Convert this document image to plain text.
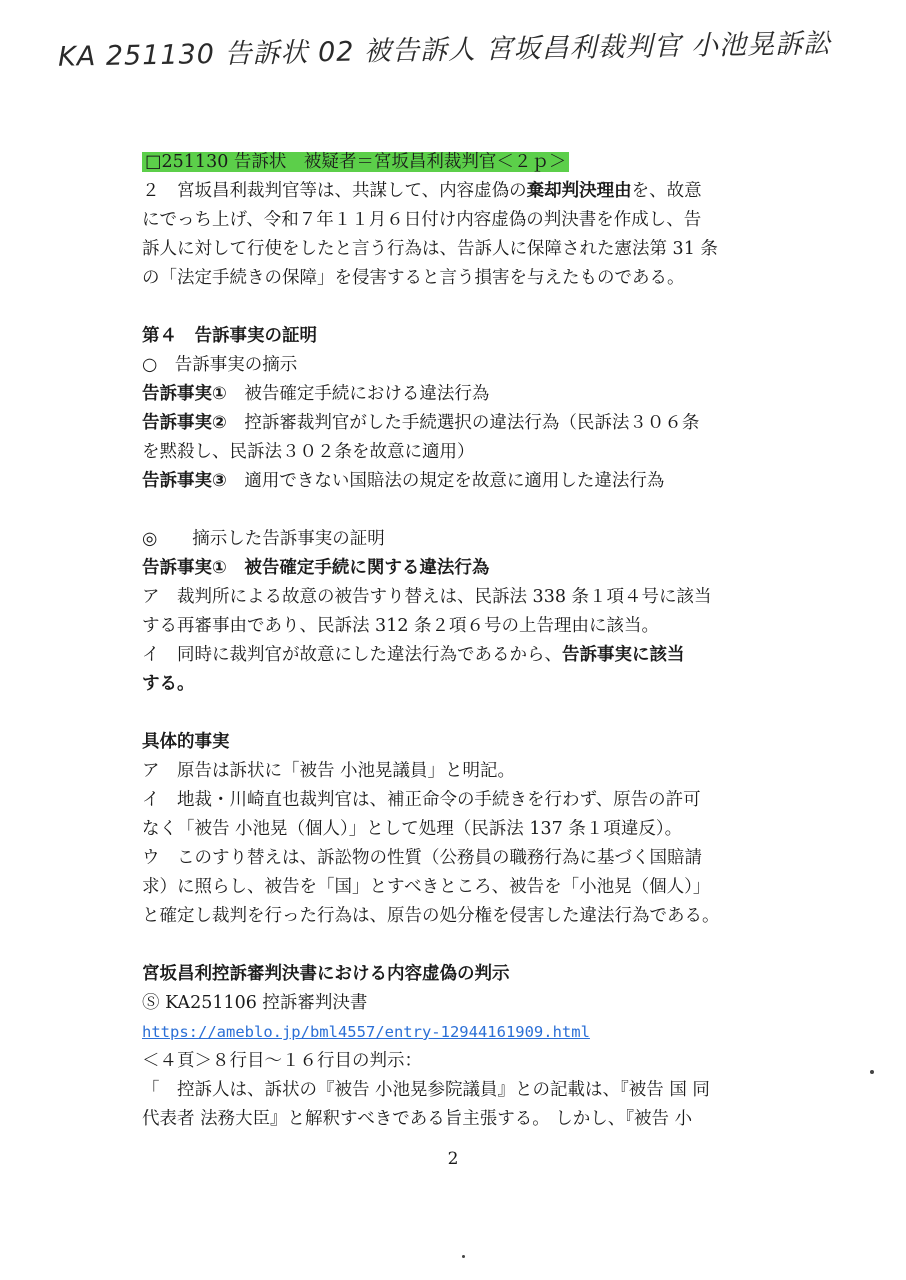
KA 251130 告訴状 02 被告訴人 宮坂昌利裁判官 小池晃訴訟
□251130 告訴状　被疑者＝宮坂昌利裁判官＜２ｐ＞
２　宮坂昌利裁判官等は、共謀して、内容虚偽の棄却判決理由を、故意
にでっち上げ、令和７年１１月６日付け内容虚偽の判決書を作成し、告
訴人に対して行使をしたと言う行為は、告訴人に保障された憲法第 31 条
の「法定手続きの保障」を侵害すると言う損害を与えたものである。
第４　告訴事実の証明
○　告訴事実の摘示
告訴事実①　被告確定手続における違法行為
告訴事実②　控訴審裁判官がした手続選択の違法行為（民訴法３０６条
を黙殺し、民訴法３０２条を故意に適用）
告訴事実③　適用できない国賠法の規定を故意に適用した違法行為
◎　　摘示した告訴事実の証明
告訴事実①　被告確定手続に関する違法行為
ア　裁判所による故意の被告すり替えは、民訴法 338 条１項４号に該当
する再審事由であり、民訴法 312 条２項６号の上告理由に該当。
イ　同時に裁判官が故意にした違法行為であるから、告訴事実に該当
する。
具体的事実
ア　原告は訴状に「被告 小池晃議員」と明記。
イ　地裁・川崎直也裁判官は、補正命令の手続きを行わず、原告の許可
なく「被告 小池晃（個人）」として処理（民訴法 137 条１項違反）。
ウ　このすり替えは、訴訟物の性質（公務員の職務行為に基づく国賠請
求）に照らし、被告を「国」とすべきところ、被告を「小池晃（個人）」
と確定し裁判を行った行為は、原告の処分権を侵害した違法行為である。
宮坂昌利控訴審判決書における内容虚偽の判示
Ⓢ KA251106 控訴審判決書
https://ameblo.jp/bml4557/entry-12944161909.html
＜４頁＞８行目～１６行目の判示：
「　控訴人は、訴状の『被告 小池晃参院議員』との記載は、『被告 国 同
代表者 法務大臣』と解釈すべきである旨主張する。 しかし、『被告 小
2
